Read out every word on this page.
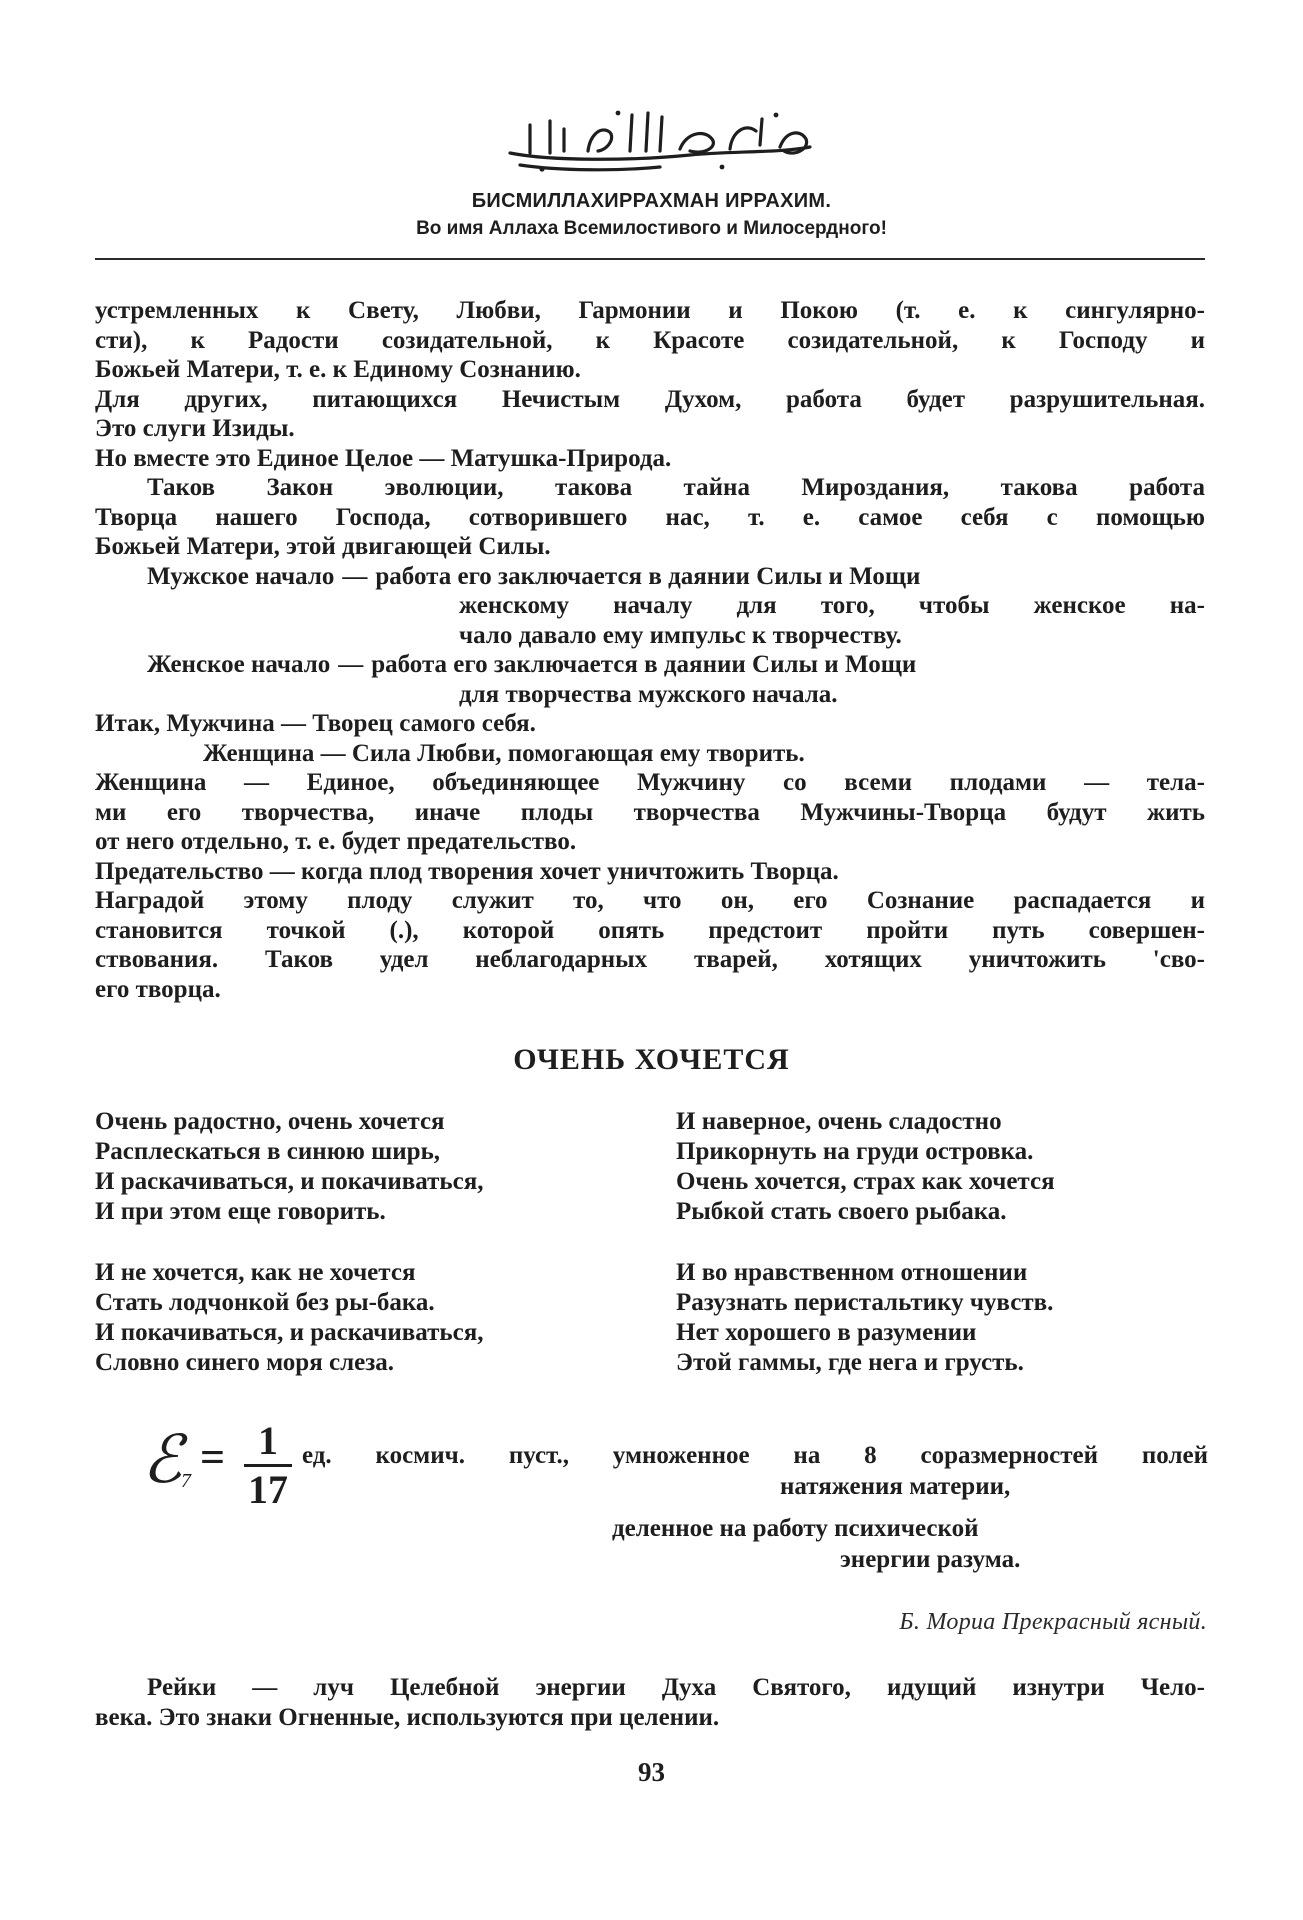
БИСМИЛЛАХИРРАХМАН ИРРАХИМ.
Во имя Аллаха Всемилостивого и Милосердного!
устремленных к Свету, Любви, Гармонии и Покою (т. е. к сингулярно-
сти), к Радости созидательной, к Красоте созидательной, к Господу и
Божьей Матери, т. е. к Единому Сознанию.
Для других, питающихся Нечистым Духом, работа будет разрушительная.
Это слуги Изиды.
Но вместе это Единое Целое — Матушка-Природа.
Таков Закон эволюции, такова тайна Мироздания, такова работа
Творца нашего Господа, сотворившего нас, т. е. самое себя с помощью
Божьей Матери, этой двигающей Силы.
Мужское начало — работа его заключается в даянии Силы и Мощи
женскому началу для того, чтобы женское на-
чало давало ему импульс к творчеству.
Женское начало — работа его заключается в даянии Силы и Мощи
для творчества мужского начала.
Итак, Мужчина — Творец самого себя.
Женщина — Сила Любви, помогающая ему творить.
Женщина — Единое, объединяющее Мужчину со всеми плодами — тела-
ми его творчества, иначе плоды творчества Мужчины-Творца будут жить
от него отдельно, т. е. будет предательство.
Предательство — когда плод творения хочет уничтожить Творца.
Наградой этому плоду служит то, что он, его Сознание распадается и
становится точкой (.), которой опять предстоит пройти путь совершен-
ствования. Таков удел неблагодарных тварей, хотящих уничтожить 'сво-
его творца.
ОЧЕНЬ ХОЧЕТСЯ
Очень радостно, очень хочется
Расплескаться в синюю ширь,
И раскачиваться, и покачиваться,
И при этом еще говорить.
И не хочется, как не хочется
Стать лодчонкой без ры-бака.
И покачиваться, и раскачиваться,
Словно синего моря слеза.
И наверное, очень сладостно
Прикорнуть на груди островка.
Очень хочется, страх как хочется
Рыбкой стать своего рыбака.
И во нравственном отношении
Разузнать перистальтику чувств.
Нет хорошего в разумении
Этой гаммы, где нега и грусть.
ℰ 7 = 1
17
ед. космич. пуст., умноженное на 8 соразмерностей полей
натяжения материи,
деленное на работу психической
энергии разума.
Б. Мориа Прекрасный ясный.
Рейки — луч Целебной энергии Духа Святого, идущий изнутри Чело-
века. Это знаки Огненные, используются при целении.
93
